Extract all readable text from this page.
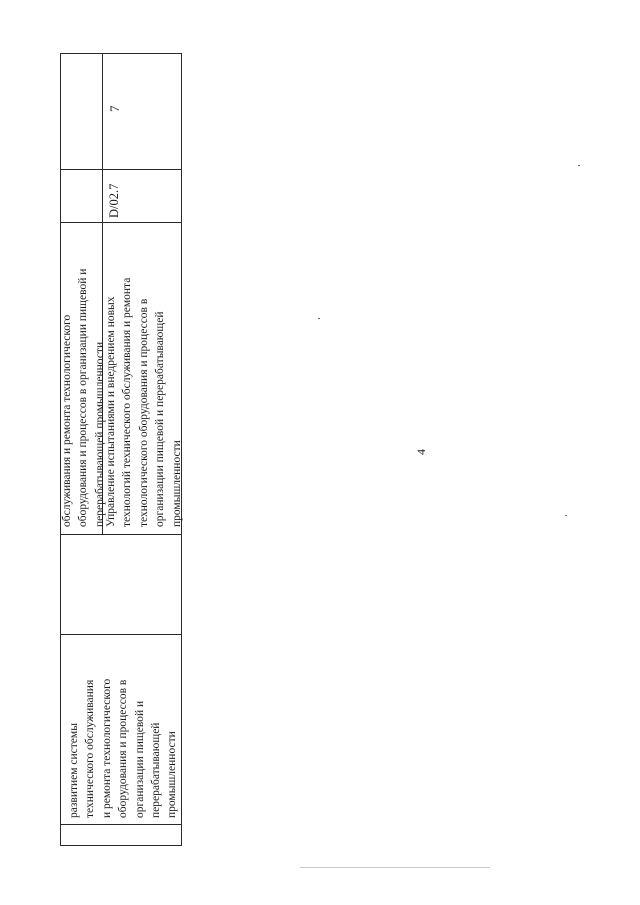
4
развитием системы технического обслуживания и ремонта технологического оборудования и процессов в организации пищевой и перерабатывающей промышленности
обслуживания и ремонта технологического оборудования и процессов в организации пищевой и перерабатывающей промышленности Управление испытаниями и внедрением новых технологий технического обслуживания и ремонта технологического оборудования и процессов в организации пищевой и перерабатывающей промышленности
D/02.7
7
